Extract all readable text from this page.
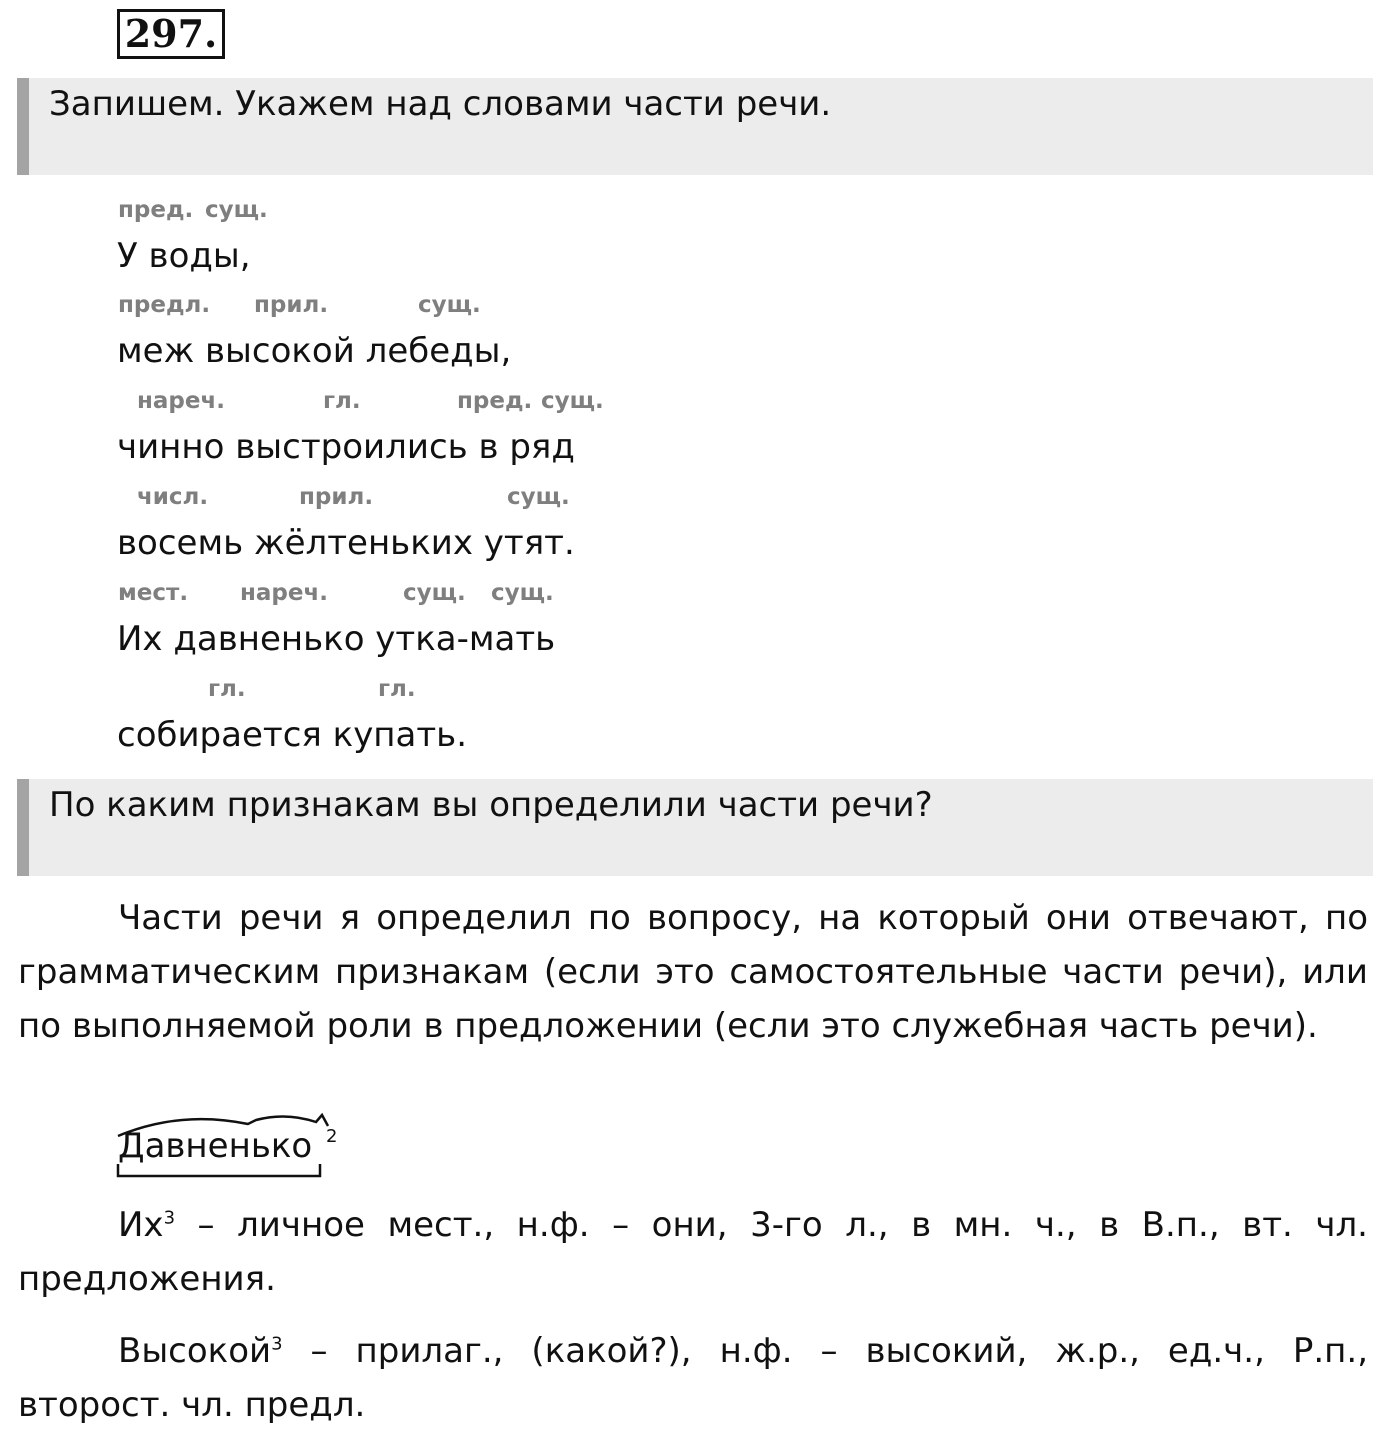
297.
Запишем. Укажем над словами части речи.
пред. сущ.
У воды,
предл. прил.	сущ.
меж высокой лебеды,
нареч.	гл.	пред. сущ.
чинно выстроились в ряд
числ.	прил.	сущ.
восемь жёлтеньких утят.
мест. нареч.	сущ. сущ.
Их давненько утка-мать
гл.	гл.
собирается купать.
По каким признакам вы определили части речи?
Части речи я определил по вопросу, на который они отвечают, по грамматическим признакам (если это самостоятельные части речи), или по выполняемой роли в предложении (если это служебная часть речи).
Давненько 2
$Их^3$ – личное мест., н.ф. – они, 3-го л., в мн. ч., в В.п., вт. чл. предложения.
Высокой$^3$ – прилаг., (какой?), н.ф. – высокий, ж.р., ед.ч., Р.п., второст. чл. предл.
